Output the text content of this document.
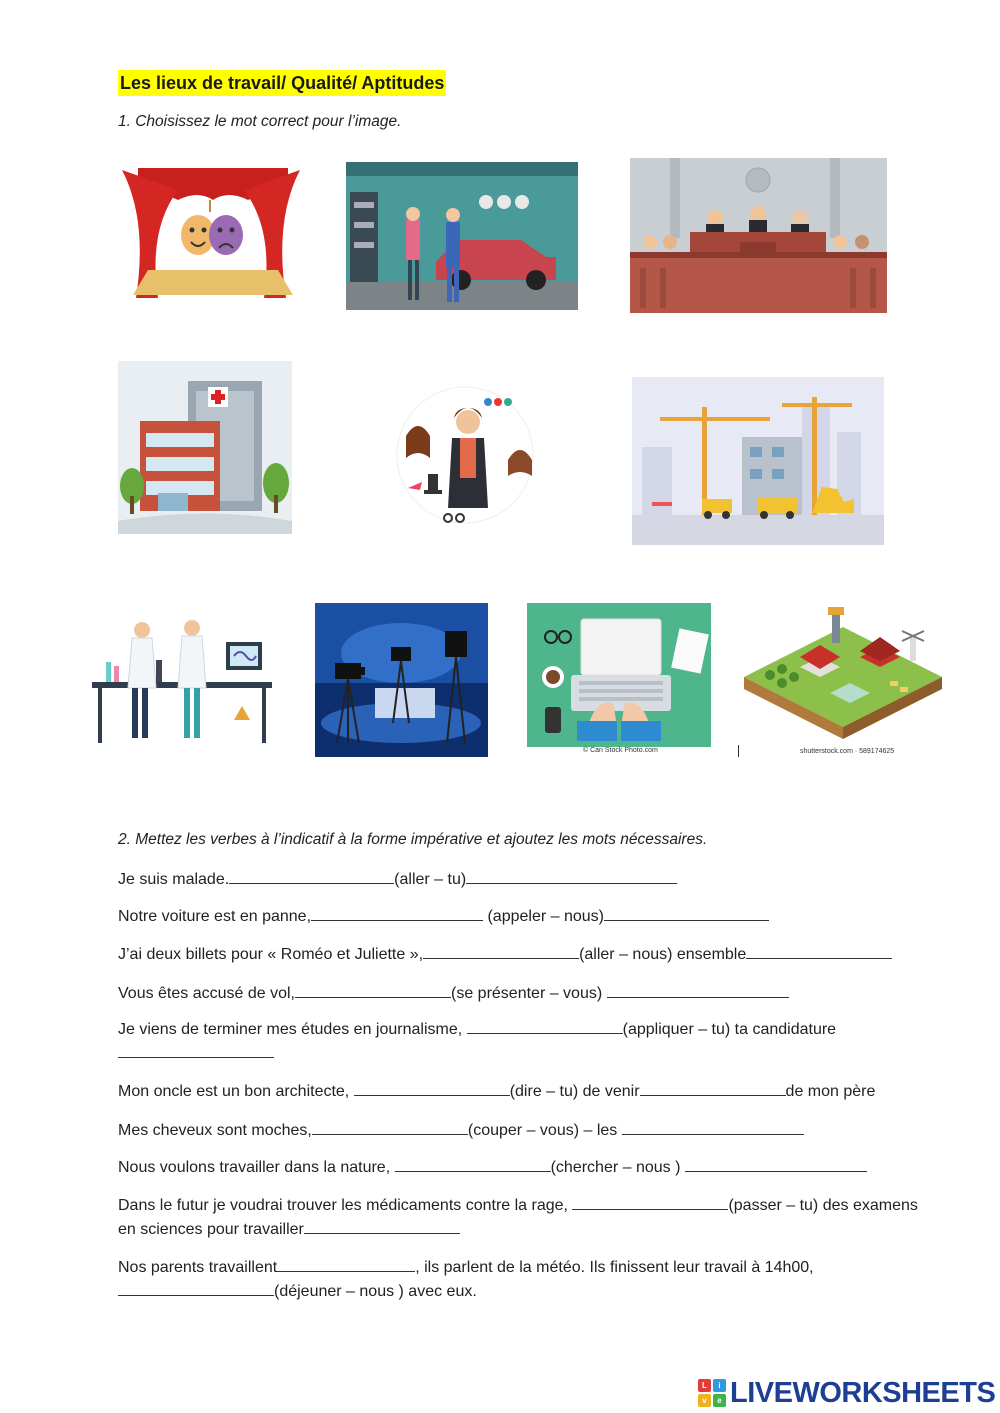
Les lieux de travail/ Qualité/ Aptitudes
1. Choisissez le mot correct pour l’image.
© Can Stock Photo.com	shutterstock.com · 589174625
2. Mettez les verbes à l’indicatif à la forme impérative et ajoutez les mots nécessaires.
Je suis malade.	(aller – tu)
Notre voiture est en panne,	(appeler – nous)
J’ai deux billets pour « Roméo et Juliette »,	(aller – nous) ensemble
Vous êtes accusé de vol,	(se présenter – vous)
Je viens de terminer mes études en journalisme,	(appliquer – tu) ta candidature

Mon oncle est un bon architecte,	(dire – tu) de venir	de mon père
Mes cheveux sont moches,	(couper – vous) – les
Nous voulons travailler dans la nature,	(chercher – nous )
Dans le futur je voudrai trouver les médicaments contre la rage,	(passer – tu) des examens en sciences pour travailler
Nos parents travaillent	, ils parlent de la météo. Ils finissent leur travail à 14h00,
(déjeuner – nous ) avec eux.
L	i
v	e LIVEWORKSHEETS
